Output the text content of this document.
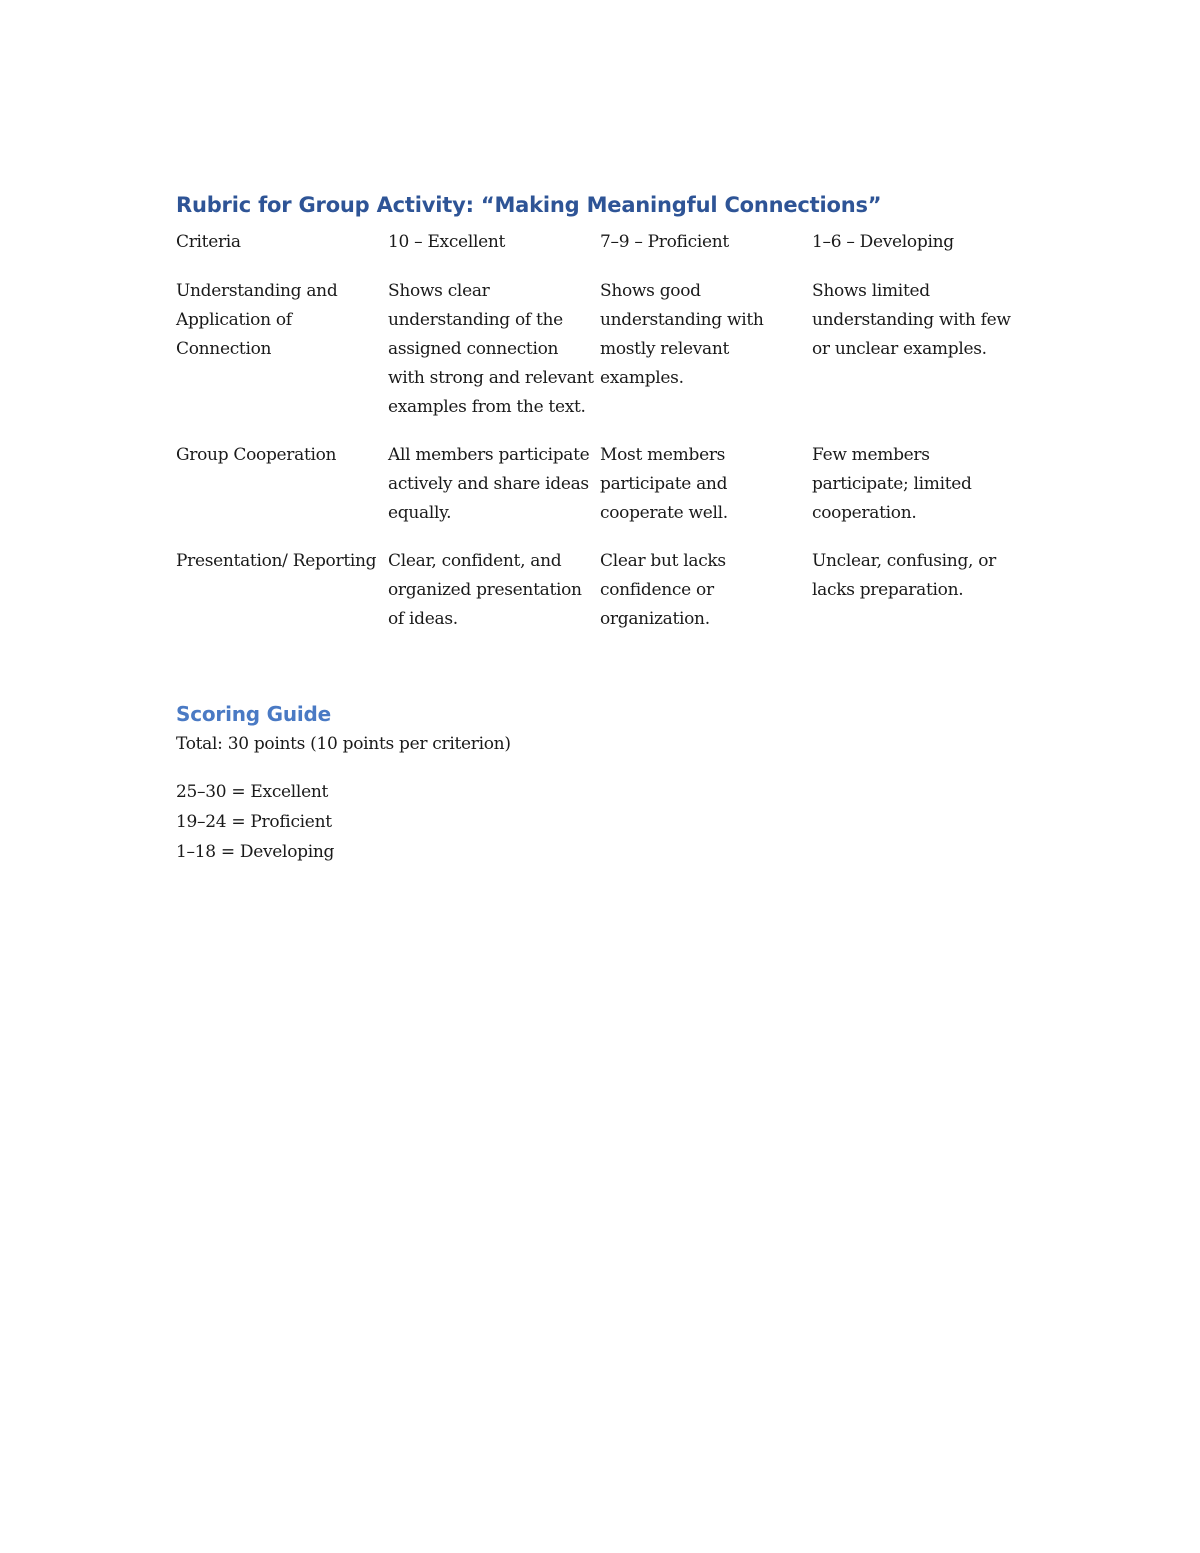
Rubric for Group Activity: “Making Meaningful Connections”
Criteria	10 – Excellent	7–9 – Proficient	1–6 – Developing
Understanding and Application of Connection	Shows clear understanding of the assigned connection with strong and relevant examples from the text.	Shows good understanding with mostly relevant examples.	Shows limited understanding with few or unclear examples.
Group Cooperation	All members participate actively and share ideas equally.	Most members participate and cooperate well.	Few members participate; limited cooperation.
Presentation/ Reporting	Clear, confident, and organized presentation of ideas.	Clear but lacks confidence or organization.	Unclear, confusing, or lacks preparation.
Scoring Guide

Total: 30 points (10 points per criterion)

25–30 = Excellent

19–24 = Proficient

1–18 = Developing
